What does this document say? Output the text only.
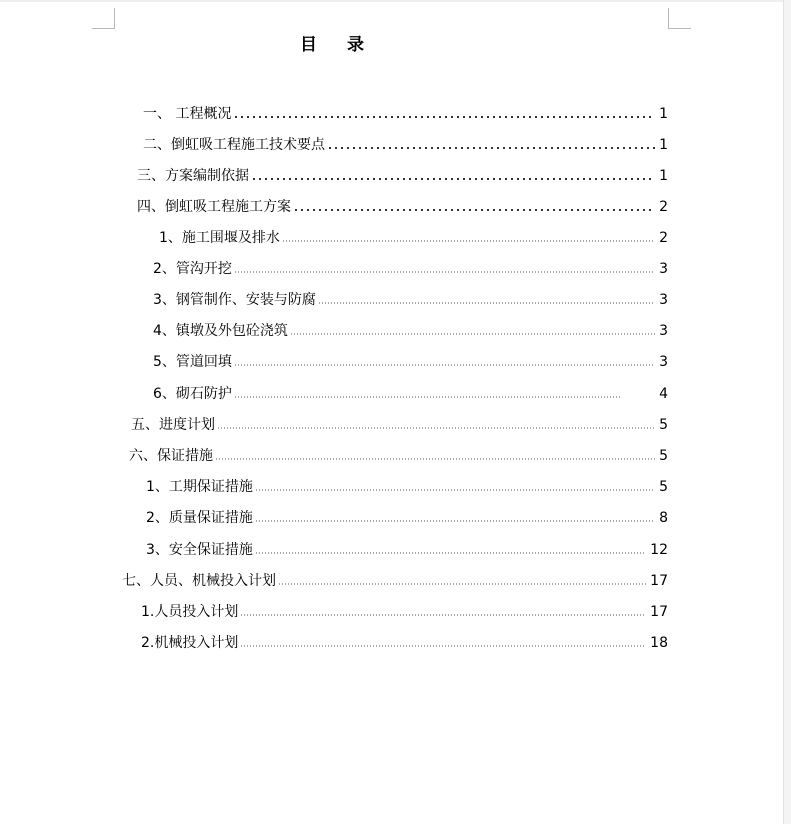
目 录
一、 工程概况	1
二、倒虹吸工程施工技术要点	1
三、方案编制依据	1
四、倒虹吸工程施工方案	2
1、施工围堰及排水	2
2、管沟开挖	3
3、钢管制作、安装与防腐	3
4、镇墩及外包砼浇筑	3
5、管道回填	3
6、砌石防护	4
五、进度计划	5
六、保证措施	5
1、工期保证措施	5
2、质量保证措施	8
3、安全保证措施	12
七、人员、机械投入计划	17
1.人员投入计划	17
2.机械投入计划	18
